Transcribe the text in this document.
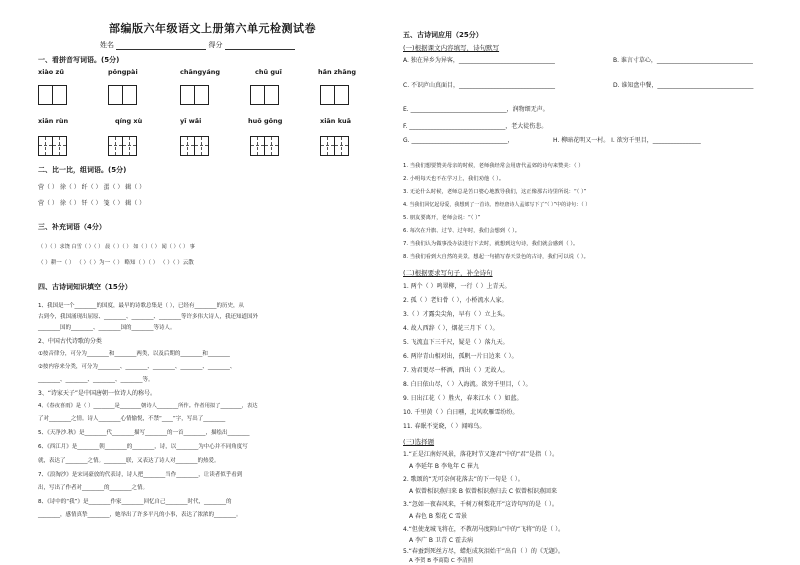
部编版六年级语文上册第六单元检测试卷
姓名	得分
一、看拼音写词语。(5分)
xiào zǔ	pǒngpài	chāngyáng	chū guī	hǎn zhāng
xiān rùn	qíng xù	yī wǎi	huō gǒng	xiān kuā
二、比一比，组词语。(5分)
营（ ） 徐（ ） 纤（ ） 蛋（ ） 辑（ ）
营（ ） 徐（ ） 钎（ ） 笺（ ） 辑（ ）
三、补充词语（4分）
（ ）（ ）求饶 白雪（ ）（ ） 晨（ ）（ ） 如（ ）（ ） 闻（ ）（ ） 事
（ ）耕一（ ） （ ）（ ）为一（ ） 略知（ ）（ ） （ ）（ ）云散
四、古诗词知识填空（15分）
1、我国是一个________的国度，最早的诗歌总集是（ ），已经有________的历史，从
古到今，我国涌现出屈原、________、________、________等许多伟大诗人，我还知道国外
________国的________、________国的________等诗人。
2、中国古代诗歌的分类
①按音律分，可分为________和________两类，以及后期的________和________
②按内容来分类，可分为________、________、________、________、________、
________、________、________、________等。
3、“诗家天子”是中国唐朝一位诗人的称号。
4、《春夜喜雨》是（ ）________是________朝诗人________所作。作者用拟了________，表达
了对________之情。诗人________心情愉悦，不禁“____”字，写出了________
5、《天净沙.秋》是________代________描写________的一首________，描绘出________
6、《西江月》是________朝________的________，诗，以________为中心并不同角度写
就，表达了________之情。________联，又表达了诗人对________的热爱。
7、《浪淘沙》是宋词豪放的代表诗，诗人把________当作________，让读者似乎看到
出，写出了作者对________的________之情。
8、《诗中的“我”》是________作家________回忆自己________时代，________的
________，感情真挚________，她举出了许多平凡的小事，表达了浓浓的________。
五、古诗词应用（25分）
(一)根据课文内容填写，诗句默写
A. 独在异乡为异客，________________________________	B. 谁言寸草心，________________________________
C. 不识庐山真面目，________________________________	D. 谁知盘中餐，________________________________
E. ________________________________，润物细无声。
F. ________________________________，老大徒伤悲。
G. ________________________________，	H. 柳暗花明又一村。 I. 欲穷千里目，________________
1. 当我们想要赞美母亲的时候，老师我经常会用唐代孟郊的诗句来赞美：（ ）
2. 小明每天也不在学习上，我们劝他（ ）。
3. 无论什么时候，老师总是苦口婆心地教导我们，这正像那古诗里所说：“（ ）”
4. 当我们回忆起母爱，我想到了一首诗。曾经唐诗人孟郊写下了“（ ）”中的诗句：（ ）
5. 朋友要离开，老师会说：“（ ）”
6. 每次在升旗、过节、过年时，我们会想到（ ）。
7. 当我们认为做事没办法进行下去时，就想到这句诗，我们就会感到（ ）。
8. 当我们看到大自然的美景，想起一句描写春天景色的古诗，我们可以说（ ）。
(二)根据要求写句子，补全诗句
1. 两个（ ）鸣翠柳，一行（ ）上青天。
2. 孤（ ）老妇骨（ ），小桥流水人家。
3.（ ）才露尖尖角，早有（ ）立上头。
4. 故人西辞（ ），烟花三月下（ ）。
5. 飞流直下三千尺，疑是（ ）落九天。
6. 两岸青山相对出，孤帆一片日边来（ ）。
7. 劝君更尽一杯酒，西出（ ）无故人。
8. 白日依山尽，（ ）入海流。欲穷千里目，（ ）。
9. 日出江花（ ）胜火，春来江水（ ）如蓝。
10. 千里黄（ ）白日曛，北风吹雁雪纷纷。
11. 春眠不觉晓，（ ）闻啼鸟。
(三)选择题
1.“正是江南好风景，落花时节又逢君”中的“君”是指（ ）。
A 李延年 B 李龟年 C 崔九
2. 歌颂的“无可奈何花落去”的下一句是（ ）。
A 似曾相识燕归来 B 似曾相识燕归去 C 似曾相识燕回来
3.“忽如一夜春风来，千树万树梨花开”这诗句写的是（ ）。
A 春色 B 梨花 C 雪景
4.“但使龙城飞将在，不教胡马度阴山”中的“飞将”的是（ ）。
A 李广 B 卫青 C 霍去病
5.“春蚕到死丝方尽，蜡炬成灰泪始干”出自（ ）的《无题》。
A 李贺 B 李商隐 C 李清照
